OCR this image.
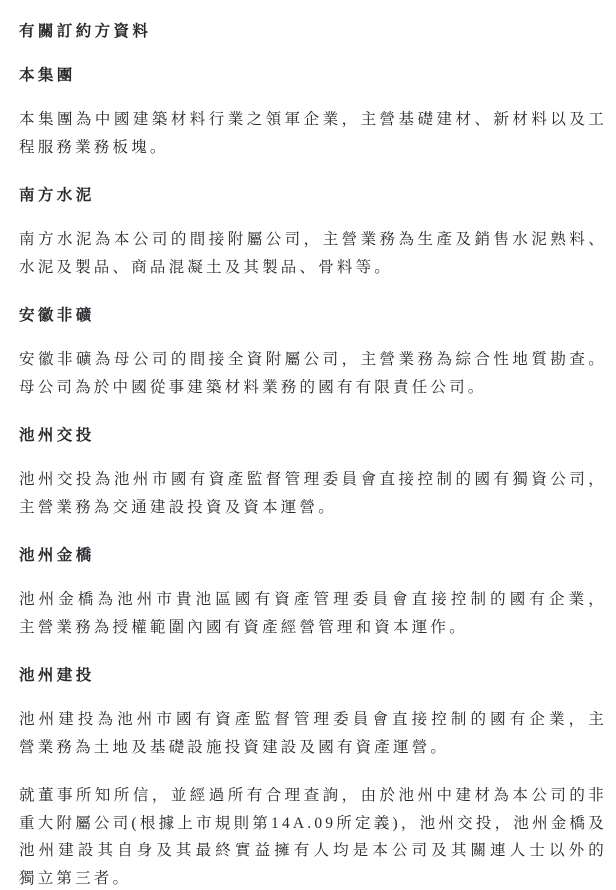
有關訂約方資料
本集團
本集團為中國建築材料行業之領軍企業，主營基礎建材、新材料以及工
程服務業務板塊。
南方水泥
南方水泥為本公司的間接附屬公司，主營業務為生產及銷售水泥熟料、
水泥及製品、商品混凝土及其製品、骨料等。
安徽非礦
安徽非礦為母公司的間接全資附屬公司，主營業務為綜合性地質勘查。
母公司為於中國從事建築材料業務的國有有限責任公司。
池州交投
池州交投為池州市國有資產監督管理委員會直接控制的國有獨資公司，
主營業務為交通建設投資及資本運營。
池州金橋
池州金橋為池州市貴池區國有資產管理委員會直接控制的國有企業，
主營業務為授權範圍內國有資產經營管理和資本運作。
池州建投
池州建投為池州市國有資產監督管理委員會直接控制的國有企業，主
營業務為土地及基礎設施投資建設及國有資產運營。
就董事所知所信，並經過所有合理查詢，由於池州中建材為本公司的非
重大附屬公司(根據上市規則第14A.09所定義)，池州交投，池州金橋及
池州建設其自身及其最終實益擁有人均是本公司及其關連人士以外的
獨立第三者。
